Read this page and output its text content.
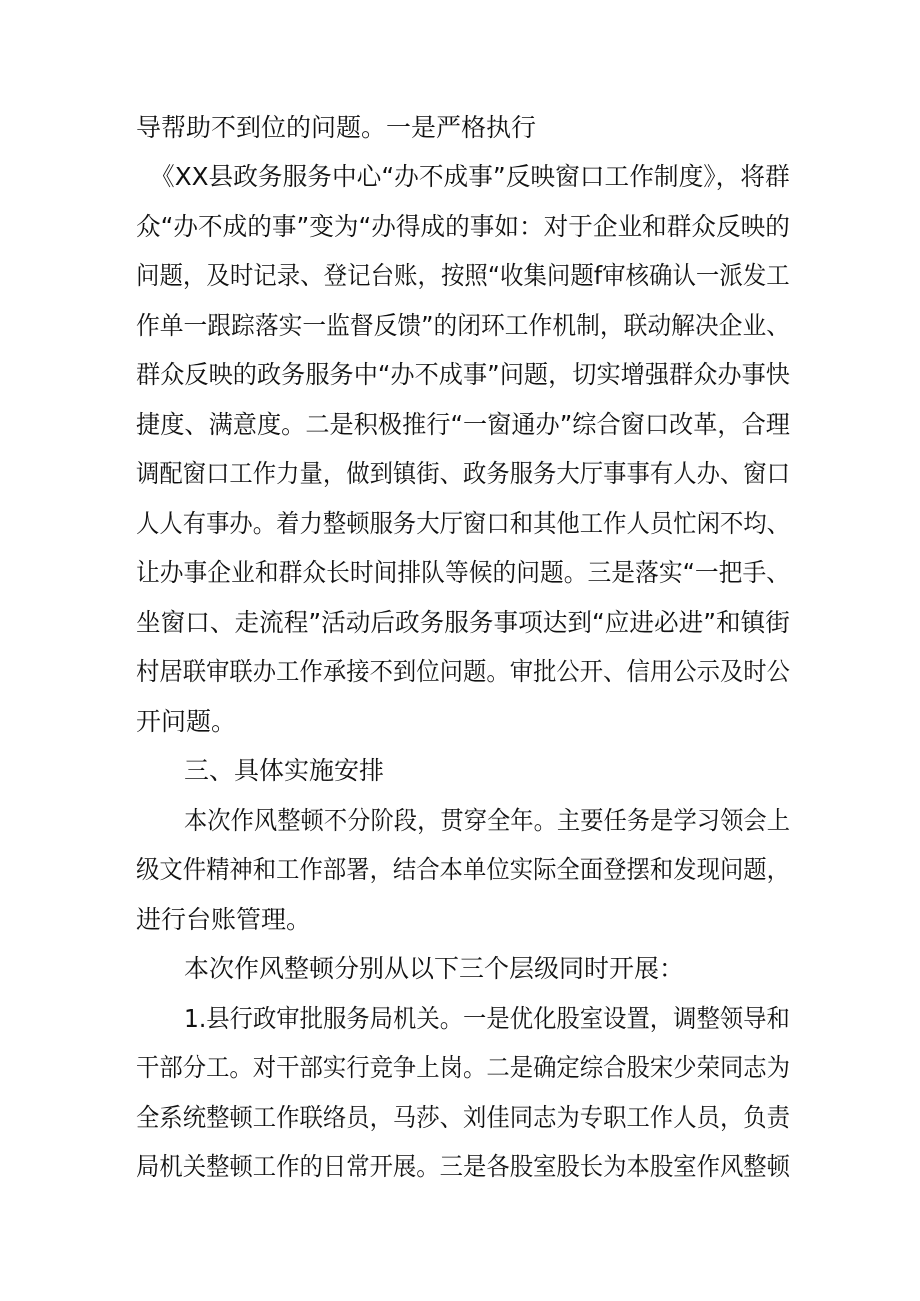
导帮助不到位的问题。一是严格执行
《XX县政务服务中心“办不成事”反映窗口工作制度》，将群
众“办不成的事”变为“办得成的事如：对于企业和群众反映的
问题，及时记录、登记台账，按照“收集问题f审核确认一派发工
作单一跟踪落实一监督反馈”的闭环工作机制，联动解决企业、
群众反映的政务服务中“办不成事”问题，切实增强群众办事快
捷度、满意度。二是积极推行“一窗通办”综合窗口改革，合理
调配窗口工作力量，做到镇街、政务服务大厅事事有人办、窗口
人人有事办。着力整顿服务大厅窗口和其他工作人员忙闲不均、
让办事企业和群众长时间排队等候的问题。三是落实“一把手、
坐窗口、走流程”活动后政务服务事项达到“应进必进”和镇街
村居联审联办工作承接不到位问题。审批公开、信用公示及时公
开问题。
三、具体实施安排
本次作风整顿不分阶段，贯穿全年。主要任务是学习领会上
级文件精神和工作部署，结合本单位实际全面登摆和发现问题，
进行台账管理。
本次作风整顿分别从以下三个层级同时开展：
1.县行政审批服务局机关。一是优化股室设置，调整领导和
干部分工。对干部实行竞争上岗。二是确定综合股宋少荣同志为
全系统整顿工作联络员，马莎、刘佳同志为专职工作人员，负责
局机关整顿工作的日常开展。三是各股室股长为本股室作风整顿
